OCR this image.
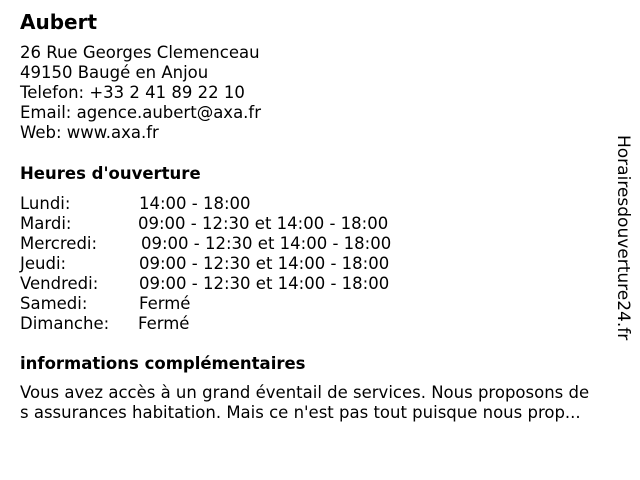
Aubert
26 Rue Georges Clemenceau
49150 Baugé en Anjou
Telefon: +33 2 41 89 22 10
Email: agence.aubert@axa.fr
Web: www.axa.fr
Heures d'ouverture
Lundi:	14:00 - 18:00
Mardi:	09:00 - 12:30 et 14:00 - 18:00
Mercredi:	09:00 - 12:30 et 14:00 - 18:00
Jeudi:	09:00 - 12:30 et 14:00 - 18:00
Vendredi: 09:00 - 12:30 et 14:00 - 18:00
Samedi:	Fermé
Dimanche: Fermé
informations complémentaires
Vous avez accès à un grand éventail de services. Nous proposons de
s assurances habitation. Mais ce n'est pas tout puisque nous prop...
Horairesdouverture24.fr
